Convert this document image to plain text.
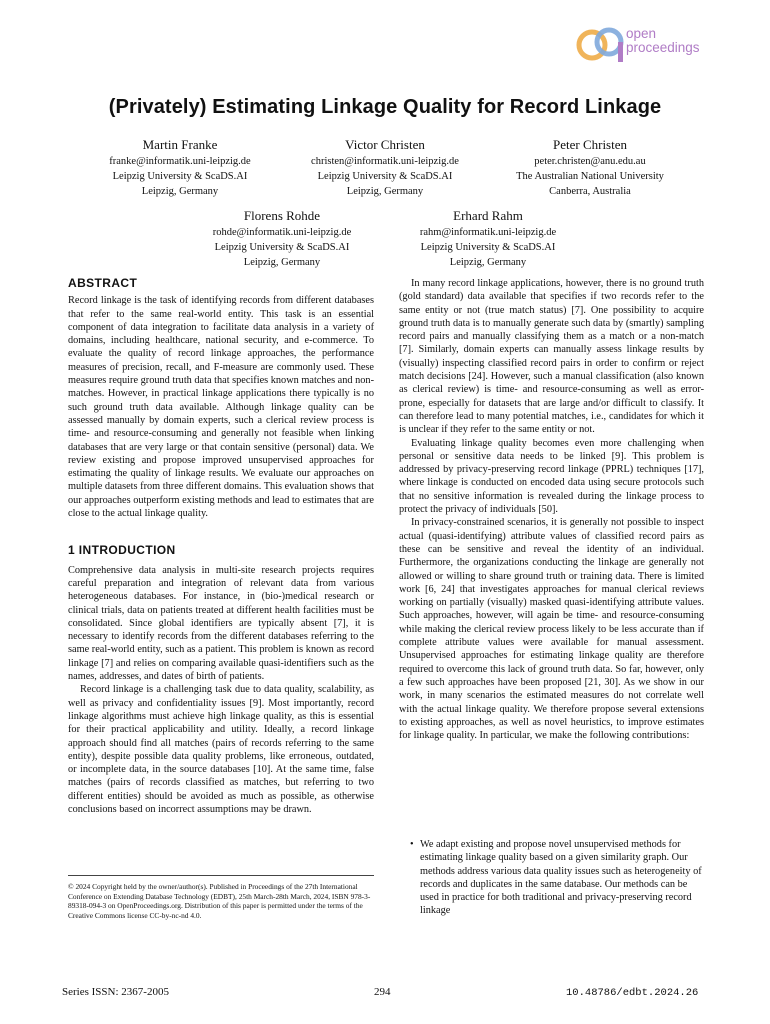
open
proceedings
(Privately) Estimating Linkage Quality for Record Linkage
Martin Franke
franke@informatik.uni-leipzig.de
Leipzig University & ScaDS.AI
Leipzig, Germany
Victor Christen
christen@informatik.uni-leipzig.de
Leipzig University & ScaDS.AI
Leipzig, Germany
Peter Christen
peter.christen@anu.edu.au
The Australian National University
Canberra, Australia
Florens Rohde
rohde@informatik.uni-leipzig.de
Leipzig University & ScaDS.AI
Leipzig, Germany
Erhard Rahm
rahm@informatik.uni-leipzig.de
Leipzig University & ScaDS.AI
Leipzig, Germany
ABSTRACT

Record linkage is the task of identifying records from different databases that refer to the same real-world entity. This task is an essential component of data integration to facilitate data analysis in a variety of domains, including healthcare, national security, and e-commerce. To evaluate the quality of record linkage approaches, the performance measures of precision, recall, and F-measure are commonly used. These measures require ground truth data that specifies known matches and non-matches. However, in practical linkage applications there typically is no such ground truth data available. Although linkage quality can be assessed manually by domain experts, such a clerical review process is time- and resource-consuming and generally not feasible when linking databases that are very large or that contain sensitive (personal) data. We review existing and propose improved unsupervised approaches for estimating the quality of linkage results. We evaluate our approaches on multiple datasets from three different domains. This evaluation shows that our approaches outperform existing methods and lead to estimates that are close to the actual linkage quality.

1 INTRODUCTION

Comprehensive data analysis in multi-site research projects requires careful preparation and integration of relevant data from various heterogeneous databases. For instance, in (bio-)medical research or clinical trials, data on patients treated at different health facilities must be consolidated. Since global identifiers are typically absent [7], it is necessary to identify records from the different databases referring to the same real-world entity, such as a patient. This problem is known as record linkage [7] and relies on comparing available quasi-identifiers such as the names, addresses, and dates of birth of patients.

Record linkage is a challenging task due to data quality, scalability, as well as privacy and confidentiality issues [9]. Most importantly, record linkage algorithms must achieve high linkage quality, as this is essential for their practical applicability and utility. Ideally, a record linkage approach should find all matches (pairs of records referring to the same entity), despite possible data quality problems, like erroneous, outdated, or incomplete data, in the source databases [10]. At the same time, false matches (pairs of records classified as matches, but referring to two different entities) should be avoided as much as possible, as otherwise conclusions based on incorrect assumptions may be drawn.

© 2024 Copyright held by the owner/author(s). Published in Proceedings of the 27th International Conference on Extending Database Technology (EDBT), 25th March-28th March, 2024, ISBN 978-3-89318-094-3 on OpenProceedings.org. Distribution of this paper is permitted under the terms of the Creative Commons license CC-by-nc-nd 4.0.

In many record linkage applications, however, there is no ground truth (gold standard) data available that specifies if two records refer to the same entity or not (true match status) [7]. One possibility to acquire ground truth data is to manually generate such data by (smartly) sampling record pairs and manually classifying them as a match or a non-match [7]. Similarly, domain experts can manually assess linkage results by (visually) inspecting classified record pairs in order to confirm or reject match decisions [24]. However, such a manual classification (also known as clerical review) is time- and resource-consuming as well as error-prone, especially for datasets that are large and/or difficult to classify. It can therefore lead to many potential matches, i.e., candidates for which it is unclear if they refer to the same entity or not.

Evaluating linkage quality becomes even more challenging when personal or sensitive data needs to be linked [9]. This problem is addressed by privacy-preserving record linkage (PPRL) techniques [17], where linkage is conducted on encoded data using secure protocols such that no sensitive information is revealed during the linkage process to protect the privacy of individuals [50].

In privacy-constrained scenarios, it is generally not possible to inspect actual (quasi-identifying) attribute values of classified record pairs as these can be sensitive and reveal the identity of an individual. Furthermore, the organizations conducting the linkage are generally not allowed or willing to share ground truth or training data. There is limited work [6, 24] that investigates approaches for manual clerical reviews working on partially (visually) masked quasi-identifying attribute values. Such approaches, however, will again be time- and resource-consuming while making the clerical review process likely to be less accurate than if complete attribute values were available for manual assessment. Unsupervised approaches for estimating linkage quality are therefore required to overcome this lack of ground truth data. So far, however, only a few such approaches have been proposed [21, 30]. As we show in our work, in many scenarios the estimated measures do not correlate well with the actual linkage quality. We therefore propose several extensions to existing approaches, as well as novel heuristics, to improve estimates for linkage quality. In particular, we make the following contributions:

• We adapt existing and propose novel unsupervised methods for estimating linkage quality based on a given similarity graph. Our methods address various data quality issues such as heterogeneity of records and duplicates in the same database. Our methods can be used in practice for both traditional and privacy-preserving record linkage
Series ISSN: 2367-2005	294	10.48786/edbt.2024.26
